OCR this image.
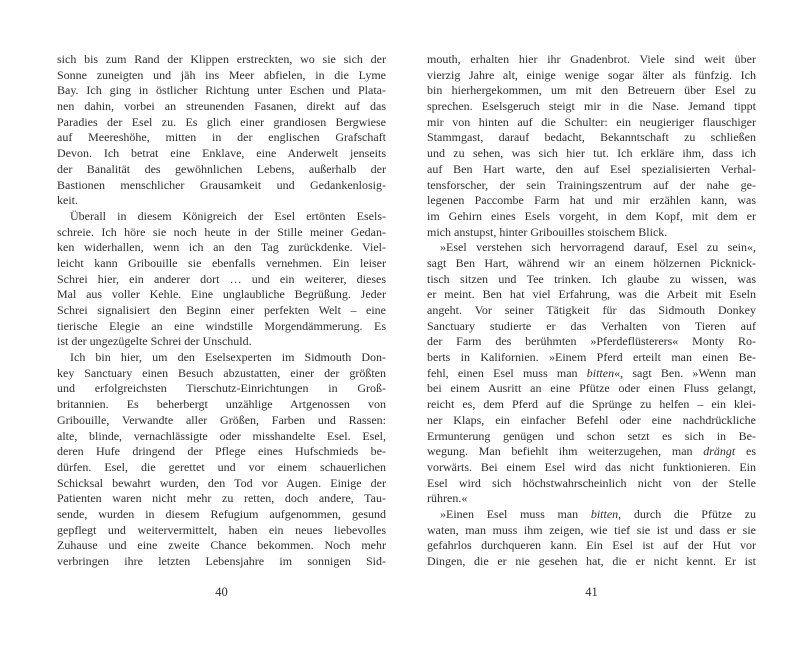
sich bis zum Rand der Klippen erstreckten, wo sie sich der
Sonne zuneigten und jäh ins Meer abfielen, in die Lyme
Bay. Ich ging in östlicher Richtung unter Eschen und Plata-
nen dahin, vorbei an streunenden Fasanen, direkt auf das
Paradies der Esel zu. Es glich einer grandiosen Bergwiese
auf Meereshöhe, mitten in der englischen Grafschaft
Devon. Ich betrat eine Enklave, eine Anderwelt jenseits
der Banalität des gewöhnlichen Lebens, außerhalb der
Bastionen menschlicher Grausamkeit und Gedankenlosig-
keit.
Überall in diesem Königreich der Esel ertönten Esels-
schreie. Ich höre sie noch heute in der Stille meiner Gedan-
ken widerhallen, wenn ich an den Tag zurückdenke. Viel-
leicht kann Gribouille sie ebenfalls vernehmen. Ein leiser
Schrei hier, ein anderer dort … und ein weiterer, dieses
Mal aus voller Kehle. Eine unglaubliche Begrüßung. Jeder
Schrei signalisiert den Beginn einer perfekten Welt – eine
tierische Elegie an eine windstille Morgendämmerung. Es
ist der ungezügelte Schrei der Unschuld.
Ich bin hier, um den Eselsexperten im Sidmouth Don-
key Sanctuary einen Besuch abzustatten, einer der größten
und erfolgreichsten Tierschutz-Einrichtungen in Groß-
britannien. Es beherbergt unzählige Artgenossen von
Gribouille, Verwandte aller Größen, Farben und Rassen:
alte, blinde, vernachlässigte oder misshandelte Esel. Esel,
deren Hufe dringend der Pflege eines Hufschmieds be-
dürfen. Esel, die gerettet und vor einem schauerlichen
Schicksal bewahrt wurden, den Tod vor Augen. Einige der
Patienten waren nicht mehr zu retten, doch andere, Tau-
sende, wurden in diesem Refugium aufgenommen, gesund
gepflegt und weitervermittelt, haben ein neues liebevolles
Zuhause und eine zweite Chance bekommen. Noch mehr
verbringen ihre letzten Lebensjahre im sonnigen Sid-
mouth, erhalten hier ihr Gnadenbrot. Viele sind weit über
vierzig Jahre alt, einige wenige sogar älter als fünfzig. Ich
bin hierhergekommen, um mit den Betreuern über Esel zu
sprechen. Eselsgeruch steigt mir in die Nase. Jemand tippt
mir von hinten auf die Schulter: ein neugieriger flauschiger
Stammgast, darauf bedacht, Bekanntschaft zu schließen
und zu sehen, was sich hier tut. Ich erkläre ihm, dass ich
auf Ben Hart warte, den auf Esel spezialisierten Verhal-
tensforscher, der sein Trainingszentrum auf der nahe ge-
legenen Paccombe Farm hat und mir erzählen kann, was
im Gehirn eines Esels vorgeht, in dem Kopf, mit dem er
mich anstupst, hinter Gribouilles stoischem Blick.
»Esel verstehen sich hervorragend darauf, Esel zu sein«,
sagt Ben Hart, während wir an einem hölzernen Picknick-
tisch sitzen und Tee trinken. Ich glaube zu wissen, was
er meint. Ben hat viel Erfahrung, was die Arbeit mit Eseln
angeht. Vor seiner Tätigkeit für das Sidmouth Donkey
Sanctuary studierte er das Verhalten von Tieren auf
der Farm des berühmten »Pferdeflüsterers« Monty Ro-
berts in Kalifornien. »Einem Pferd erteilt man einen Be-
fehl, einen Esel muss man bitten«, sagt Ben. »Wenn man
bei einem Ausritt an eine Pfütze oder einen Fluss gelangt,
reicht es, dem Pferd auf die Sprünge zu helfen – ein klei-
ner Klaps, ein einfacher Befehl oder eine nachdrückliche
Ermunterung genügen und schon setzt es sich in Be-
wegung. Man befiehlt ihm weiterzugehen, man drängt es
vorwärts. Bei einem Esel wird das nicht funktionieren. Ein
Esel wird sich höchstwahrscheinlich nicht von der Stelle
rühren.«
»Einen Esel muss man bitten, durch die Pfütze zu
waten, man muss ihm zeigen, wie tief sie ist und dass er sie
gefahrlos durchqueren kann. Ein Esel ist auf der Hut vor
Dingen, die er nie gesehen hat, die er nicht kennt. Er ist
40	41
